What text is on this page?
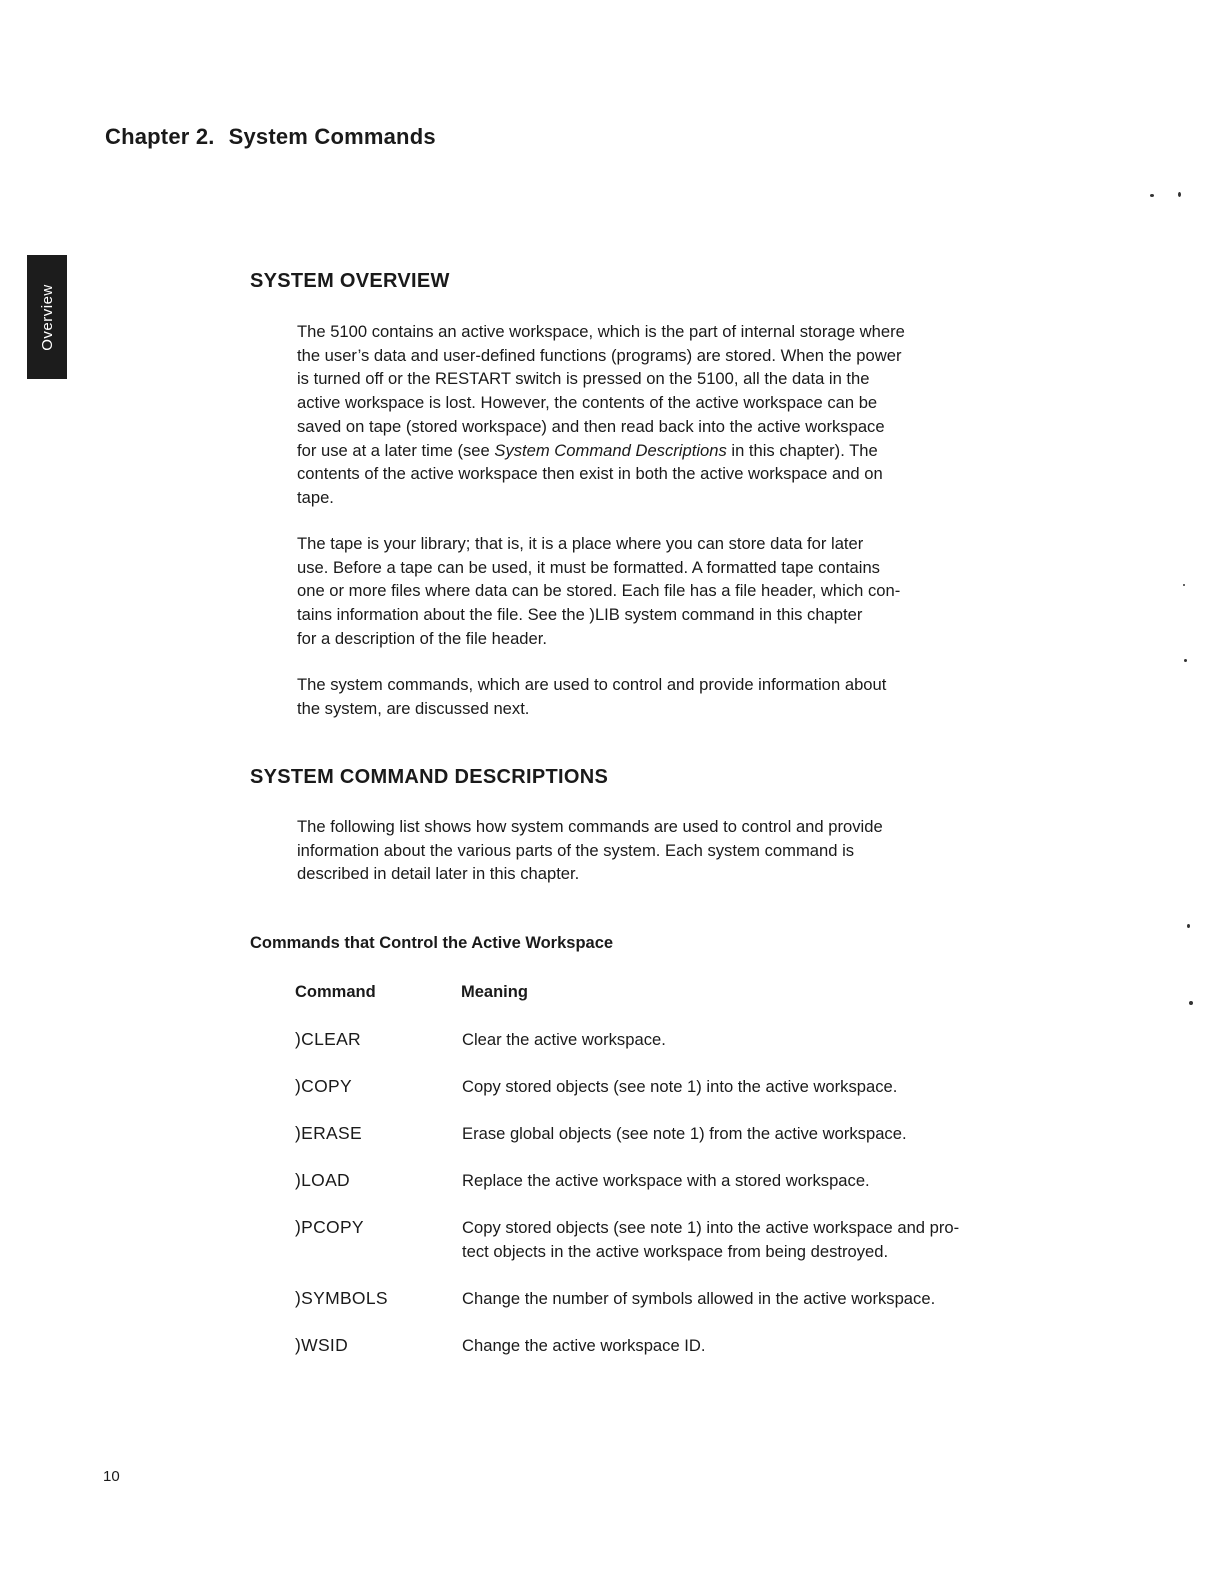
Chapter 2. System Commands
Overview
SYSTEM OVERVIEW

The 5100 contains an active workspace, which is the part of internal storage where
the user’s data and user-defined functions (programs) are stored. When the power
is turned off or the RESTART switch is pressed on the 5100, all the data in the
active workspace is lost. However, the contents of the active workspace can be
saved on tape (stored workspace) and then read back into the active workspace
for use at a later time (see System Command Descriptions in this chapter). The
contents of the active workspace then exist in both the active workspace and on
tape.

The tape is your library; that is, it is a place where you can store data for later
use. Before a tape can be used, it must be formatted. A formatted tape contains
one or more files where data can be stored. Each file has a file header, which con-
tains information about the file. See the )LIB system command in this chapter
for a description of the file header.

The system commands, which are used to control and provide information about
the system, are discussed next.

SYSTEM COMMAND DESCRIPTIONS

The following list shows how system commands are used to control and provide
information about the various parts of the system. Each system command is
described in detail later in this chapter.

Commands that Control the Active Workspace
Command	Meaning
)CLEAR	Clear the active workspace.
)COPY	Copy stored objects (see note 1) into the active workspace.
)ERASE	Erase global objects (see note 1) from the active workspace.
)LOAD	Replace the active workspace with a stored workspace.
)PCOPY	Copy stored objects (see note 1) into the active workspace and pro-
tect objects in the active workspace from being destroyed.
)SYMBOLS	Change the number of symbols allowed in the active workspace.
)WSID	Change the active workspace ID.
10
